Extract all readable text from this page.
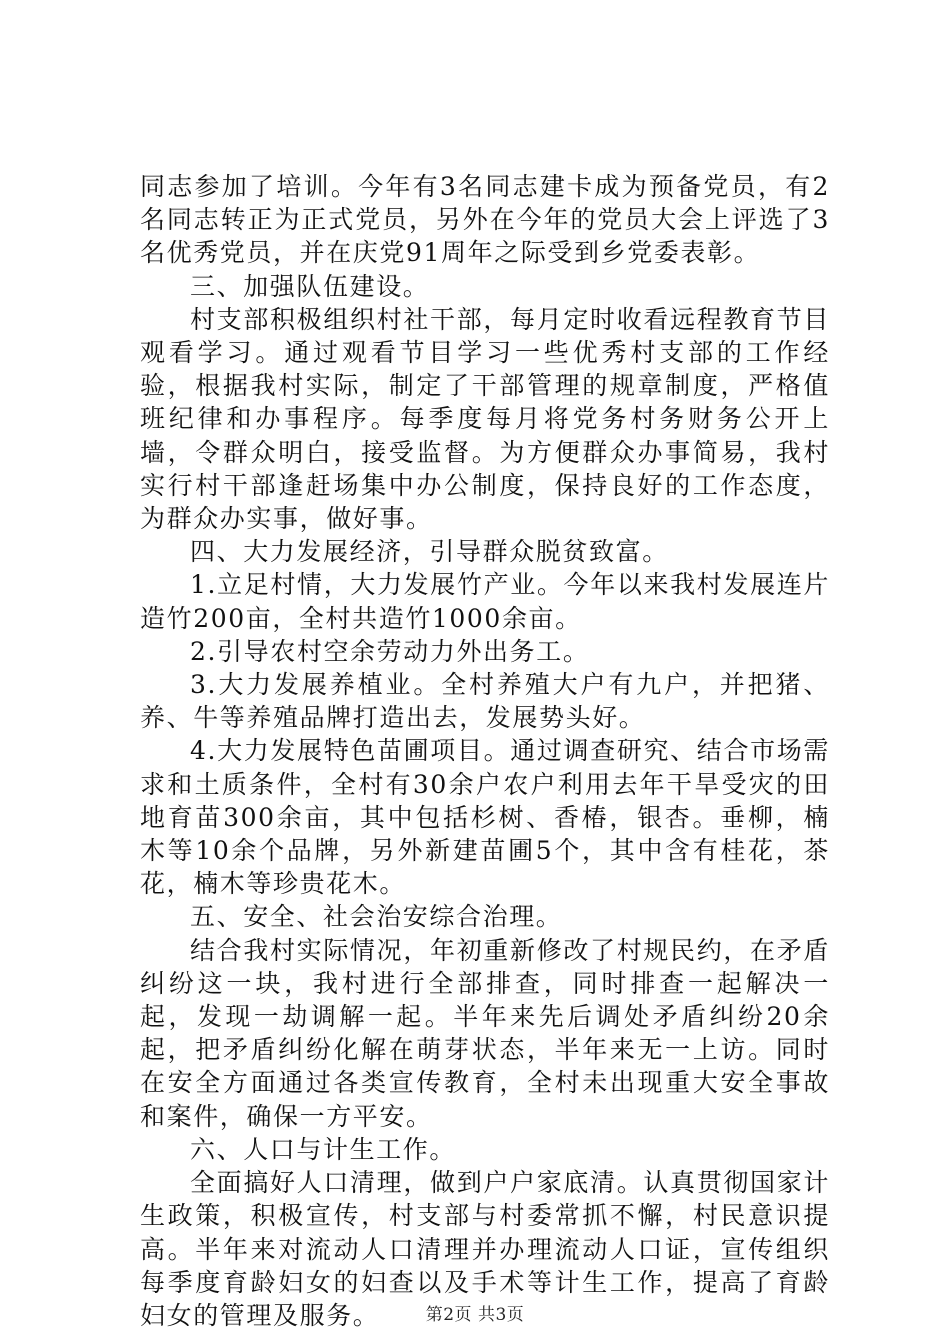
同志参加了培训。今年有3名同志建卡成为预备党员，有2名同志转正为正式党员，另外在今年的党员大会上评选了3名优秀党员，并在庆党91周年之际受到乡党委表彰。

三、加强队伍建设。

村支部积极组织村社干部，每月定时收看远程教育节目观看学习。通过观看节目学习一些优秀村支部的工作经验，根据我村实际，制定了干部管理的规章制度，严格值班纪律和办事程序。每季度每月将党务村务财务公开上墙，令群众明白，接受监督。为方便群众办事简易，我村实行村干部逢赶场集中办公制度，保持良好的工作态度，为群众办实事，做好事。

四、大力发展经济，引导群众脱贫致富。

1.立足村情，大力发展竹产业。今年以来我村发展连片造竹200亩，全村共造竹1000余亩。

2.引导农村空余劳动力外出务工。

3.大力发展养植业。全村养殖大户有九户，并把猪、养、牛等养殖品牌打造出去，发展势头好。

4.大力发展特色苗圃项目。通过调查研究、结合市场需求和土质条件，全村有30余户农户利用去年干旱受灾的田地育苗300余亩，其中包括杉树、香椿，银杏。垂柳，楠木等10余个品牌，另外新建苗圃5个，其中含有桂花，茶花，楠木等珍贵花木。

五、安全、社会治安综合治理。

结合我村实际情况，年初重新修改了村规民约，在矛盾纠纷这一块，我村进行全部排查，同时排查一起解决一起，发现一劫调解一起。半年来先后调处矛盾纠纷20余起，把矛盾纠纷化解在萌芽状态，半年来无一上访。同时在安全方面通过各类宣传教育，全村未出现重大安全事故和案件，确保一方平安。

六、人口与计生工作。

全面搞好人口清理，做到户户家底清。认真贯彻国家计生政策，积极宣传，村支部与村委常抓不懈，村民意识提高。半年来对流动人口清理并办理流动人口证，宣传组织每季度育龄妇女的妇查以及手术等计生工作，提高了育龄妇女的管理及服务。	第2页 共3页
